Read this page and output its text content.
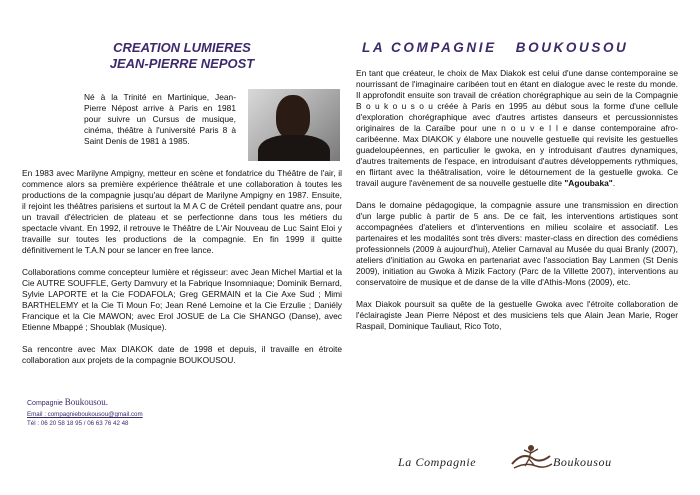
CREATION LUMIERES
JEAN-PIERRE NEPOST
Né à la Trinité en Martinique, Jean-Pierre Népost arrive à Paris en 1981 pour suivre un Cursus de musique, cinéma, théâtre à l'université Paris 8 à Saint Denis de 1981 à 1985.

En 1983 avec Marilyne Ampigny, metteur en scène et fondatrice du Théâtre de l'air, il commence alors sa première expérience théâtrale et une collaboration à toutes les productions de la compagnie jusqu'au départ de Marilyne Ampigny en 1987. Ensuite, il rejoint les théâtres parisiens et surtout la M A C de Créteil pendant quatre ans, pour un travail d'électricien de plateau et se perfectionne dans tous les métiers du spectacle vivant. En 1992, il retrouve le Théâtre de L'Air Nouveau de Luc Saint Eloi y travaille sur toutes les productions de la compagnie. En fin 1999 il quitte définitivement le T.A.N pour se lancer en free lance.

Collaborations comme concepteur lumière et régisseur: avec Jean Michel Martial et la Cie AUTRE SOUFFLE, Gerty Damvury et la Fabrique Insomniaque; Dominik Bernard, Sylvie LAPORTE et la Cie FODAFOLA; Greg GERMAIN et la Cie Axe Sud ; Mimi BARTHELEMY et la Cie Ti Moun Fo; Jean René Lemoine et la Cie Erzulie ; Daniély Francique et la Cie MAWON; avec Erol JOSUE de La Cie SHANGO (Danse), avec Etienne Mbappé ; Shoublak (Musique).

Sa rencontre avec Max DIAKOK date de 1998 et depuis, il travaille en étroite collaboration aux projets de la compagnie BOUKOUSOU.

Compagnie Boukousou.
Email : compagnieboukousou@gmail.com
Tél : 06 20 58 18 95 / 06 63 76 42 48
LA COMPAGNIE   BOUKOUSOU

En tant que créateur, le choix de Max Diakok est celui d'une danse contemporaine se nourrissant de l'imaginaire caribéen tout en étant en dialogue avec le reste du monde. Il approfondit ensuite son travail de création chorégraphique au sein de la Compagnie B o u k o u s o u créée à Paris en 1995 au début sous la forme d'une cellule d'exploration chorégraphique avec d'autres artistes danseurs et percussionnistes originaires de la Caraïbe pour une n o u v e l l e danse contemporaine afro-caribéenne. Max DIAKOK y élabore une nouvelle gestuelle qui revisite les gestuelles guadeloupéennes, en particulier le gwoka, en y introduisant d'autres dynamiques, d'autres traitements de l'espace, en introduisant d'autres développements rythmiques, en flirtant avec la théâtralisation, voire le détournement de la gestuelle gwoka. Ce travail augure l'avènement de sa nouvelle gestuelle dite "Agoubaka".

Dans le domaine pédagogique, la compagnie assure une transmission en direction d'un large public à partir de 5 ans. De ce fait, les interventions artistiques sont accompagnées d'ateliers et d'interventions en milieu scolaire et associatif. Les partenaires et les modalités sont très divers: master-class en direction des comédiens professionnels (2009 à aujourd'hui), Atelier Carnaval au Musée du quai Branly (2007), ateliers d'initiation au Gwoka en partenariat avec l'association Bay Lanmen (St Denis 2009), initiation au Gwoka à Mizik Factory (Parc de la Villette 2007), interventions au conservatoire de musique et de danse de la ville d'Athis-Mons (2009), etc.

Max Diakok poursuit sa quête de la gestuelle Gwoka avec l'étroite collaboration de l'éclairagiste Jean Pierre Népost et des musiciens tels que Alain Jean Marie, Roger Raspail, Dominique Tauliaut, Rico Toto,

La Compagnie	Boukousou
